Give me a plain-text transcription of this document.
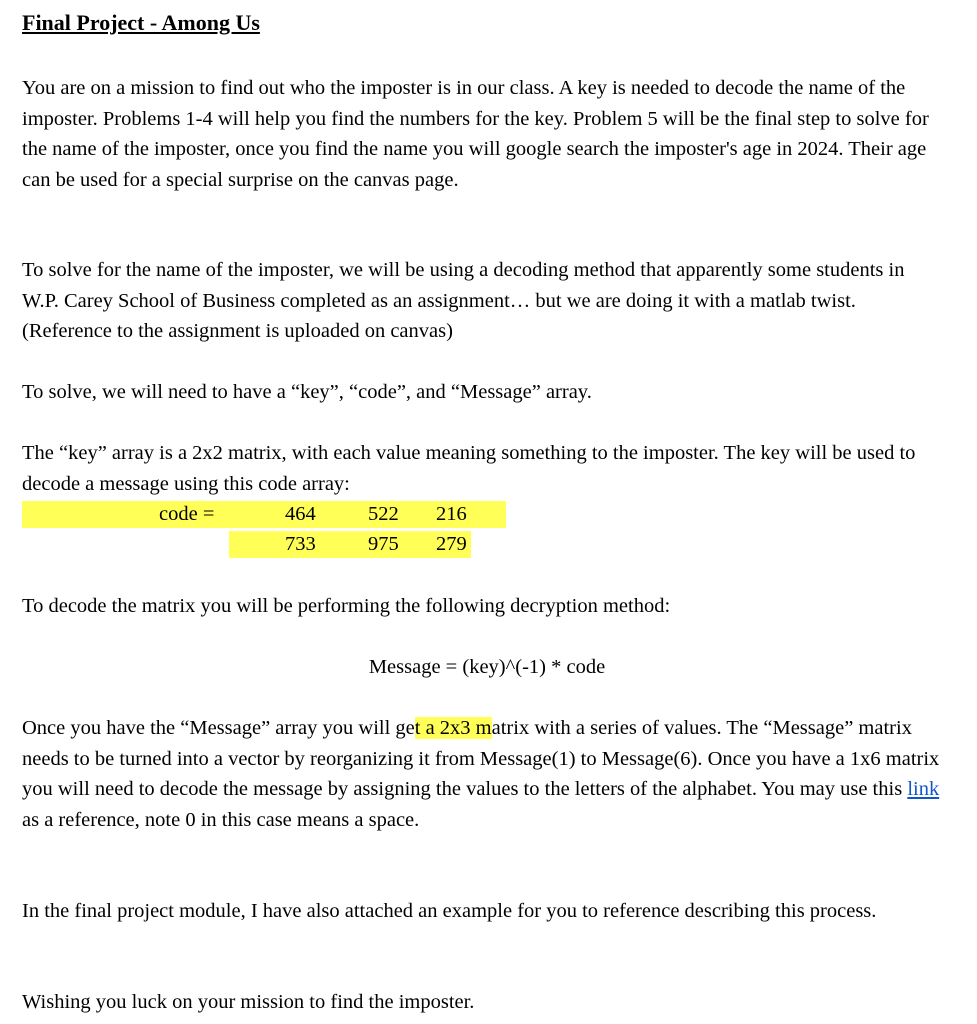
Final Project - Among Us

You are on a mission to find out who the imposter is in our class. A key is needed to decode the name of the imposter. Problems 1-4 will help you find the numbers for the key. Problem 5 will be the final step to solve for the name of the imposter, once you find the name you will google search the imposter's age in 2024. Their age can be used for a special surprise on the canvas page.

To solve for the name of the imposter, we will be using a decoding method that apparently some students in W.P. Carey School of Business completed as an assignment… but we are doing it with a matlab twist. (Reference to the assignment is uploaded on canvas)

To solve, we will need to have a “key”, “code”, and “Message” array.

The “key” array is a 2x2 matrix, with each value meaning something to the imposter. The key will be used to decode a message using this code array:

code =	464	522 216
733	975 279

To decode the matrix you will be performing the following decryption method:

Message = (key)^(-1) * code

Once you have the “Message” array you will get a 2x3 matrix with a series of values. The “Message” matrix needs to be turned into a vector by reorganizing it from Message(1) to Message(6). Once you have a 1x6 matrix you will need to decode the message by assigning the values to the letters of the alphabet. You may use this link as a reference, note 0 in this case means a space.

In the final project module, I have also attached an example for you to reference describing this process.

Wishing you luck on your mission to find the imposter.
